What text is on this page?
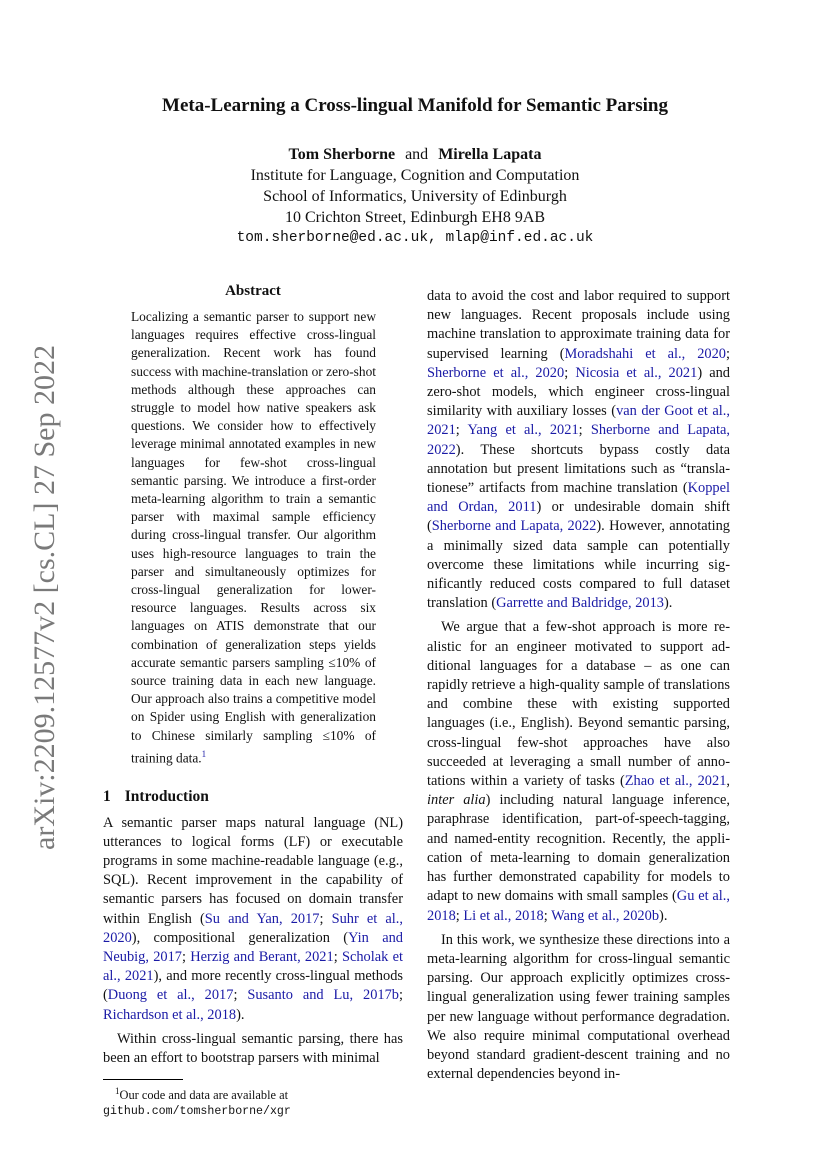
arXiv:2209.12577v2 [cs.CL] 27 Sep 2022
Meta-Learning a Cross-lingual Manifold for Semantic Parsing
Tom Sherborne and Mirella Lapata
Institute for Language, Cognition and Computation
School of Informatics, University of Edinburgh
10 Crichton Street, Edinburgh EH8 9AB
tom.sherborne@ed.ac.uk, mlap@inf.ed.ac.uk
Abstract

Localizing a semantic parser to support new languages requires effective cross-lingual generalization. Recent work has found success with machine-translation or zero-shot methods although these approaches can struggle to model how native speakers ask questions. We consider how to effectively leverage minimal annotated examples in new languages for few-shot cross-lingual semantic parsing. We introduce a first-order meta-learning algorithm to train a semantic parser with maximal sample efficiency during cross-lingual transfer. Our algorithm uses high-resource languages to train the parser and simultaneously optimizes for cross-lingual generalization for lower-resource languages. Results across six languages on ATIS demonstrate that our combination of generalization steps yields accurate semantic parsers sampling ≤10% of source training data in each new language. Our approach also trains a competitive model on Spider using English with generalization to Chinese similarly sampling ≤10% of training data.$^1$

1 Introduction

A semantic parser maps natural language (NL) utterances to logical forms (LF) or executable programs in some machine-readable language (e.g., SQL). Recent improvement in the capability of semantic parsers has focused on domain transfer within English (Su and Yan, 2017; Suhr et al., 2020), compositional generalization (Yin and Neubig, 2017; Herzig and Berant, 2021; Scholak et al., 2021), and more recently cross-lingual methods (Duong et al., 2017; Susanto and Lu, 2017b; Richardson et al., 2018).

Within cross-lingual semantic parsing, there has been an effort to bootstrap parsers with minimal

$^1$Our code and data are available at
github.com/tomsherborne/xgr

data to avoid the cost and labor required to support new languages. Recent proposals include using machine translation to approximate training data for supervised learning (Moradshahi et al., 2020; Sherborne et al., 2020; Nicosia et al., 2021) and zero-shot models, which engineer cross-lingual similarity with auxiliary losses (van der Goot et al., 2021; Yang et al., 2021; Sherborne and Lapata, 2022). These shortcuts bypass costly data annotation but present limitations such as “translationese” artifacts from machine translation (Koppel and Ordan, 2011) or undesirable domain shift (Sherborne and Lapata, 2022). However, annotating a minimally sized data sample can potentially overcome these limitations while incurring significantly reduced costs compared to full dataset translation (Garrette and Baldridge, 2013).

We argue that a few-shot approach is more realistic for an engineer motivated to support additional languages for a database – as one can rapidly retrieve a high-quality sample of translations and combine these with existing supported languages (i.e., English). Beyond semantic parsing, cross-lingual few-shot approaches have also succeeded at leveraging a small number of annotations within a variety of tasks (Zhao et al., 2021, inter alia) including natural language inference, paraphrase identification, part-of-speech-tagging, and named-entity recognition. Recently, the application of meta-learning to domain generalization has further demonstrated capability for models to adapt to new domains with small samples (Gu et al., 2018; Li et al., 2018; Wang et al., 2020b).

In this work, we synthesize these directions into a meta-learning algorithm for cross-lingual semantic parsing. Our approach explicitly optimizes cross-lingual generalization using fewer training samples per new language without performance degradation. We also require minimal computational overhead beyond standard gradient-descent training and no external dependencies beyond in-
